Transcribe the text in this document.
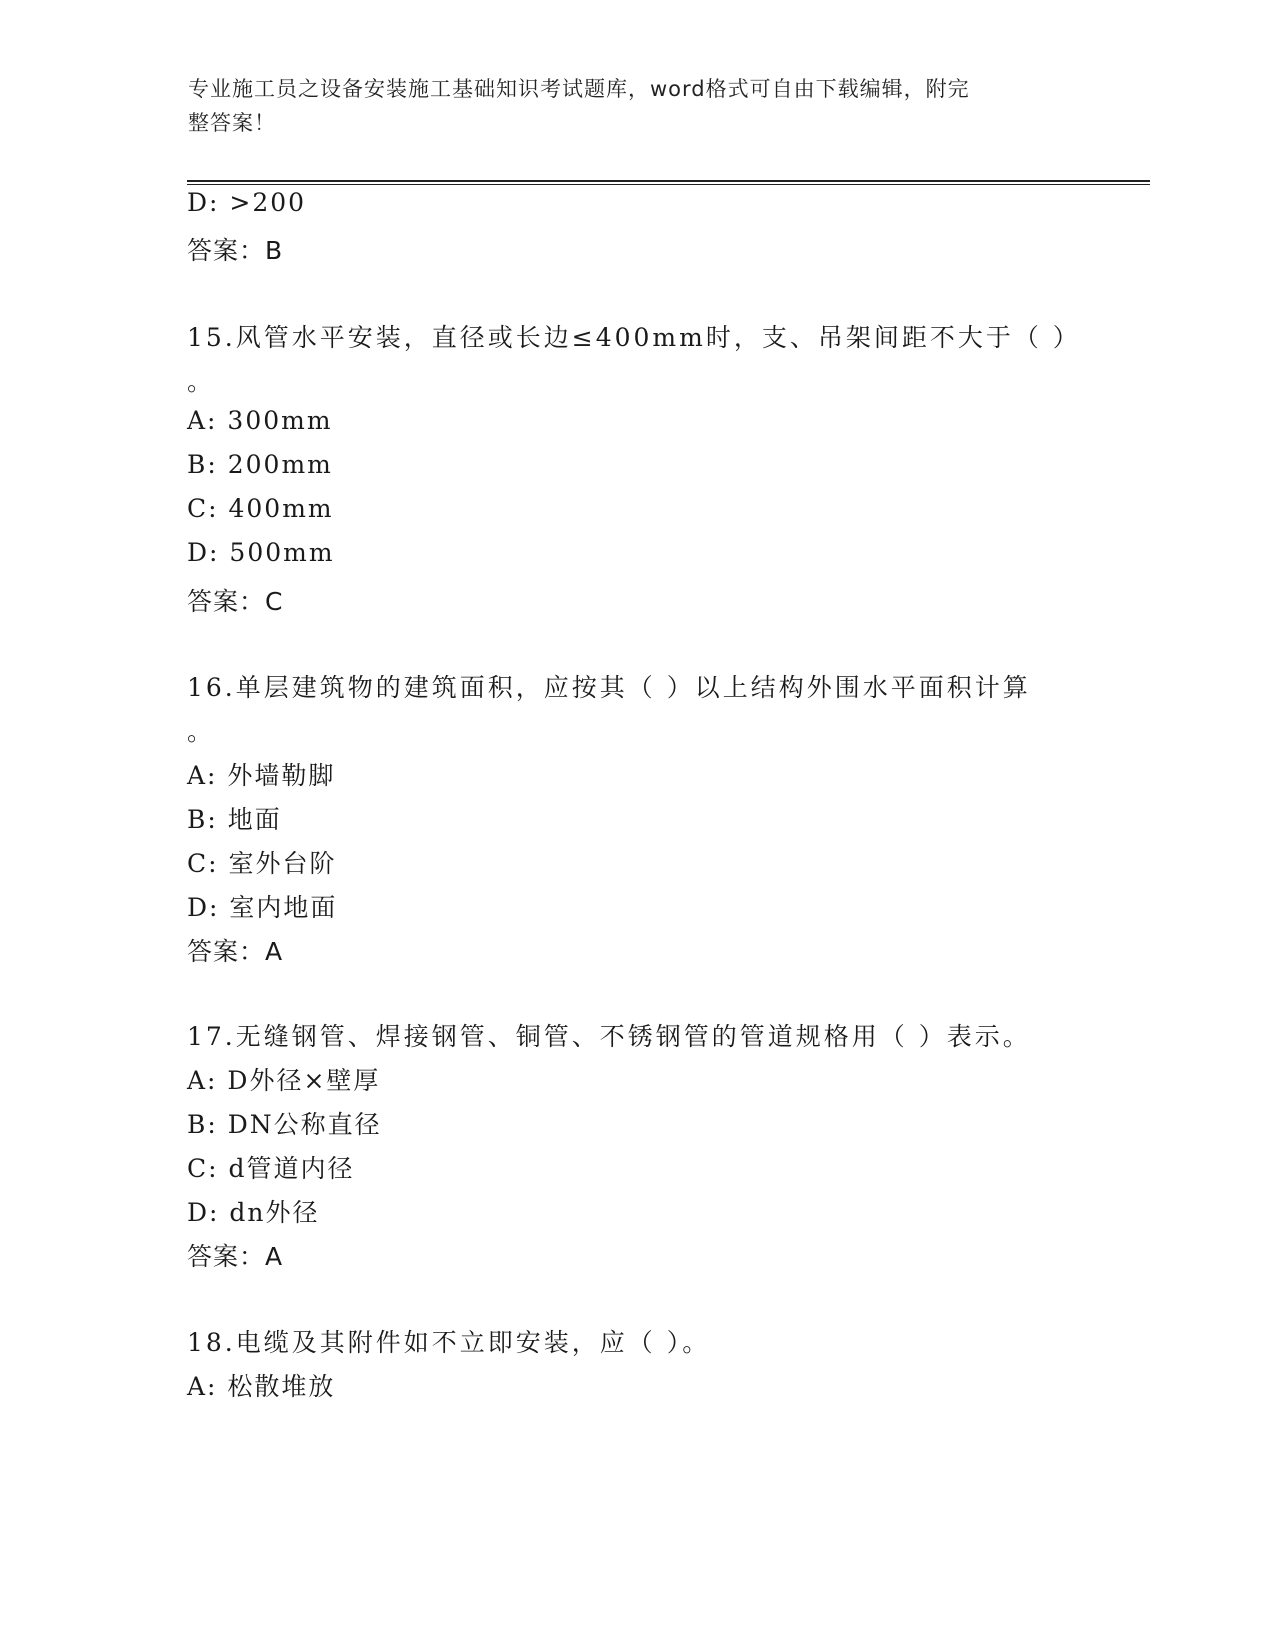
专业施工员之设备安装施工基础知识考试题库，word格式可自由下载编辑，附完
整答案！
D: >200
答案：B
15.风管水平安装，直径或长边≤400mm时，支、吊架间距不大于（ ）
。
A: 300mm
B: 200mm
C: 400mm
D: 500mm
答案：C
16.单层建筑物的建筑面积，应按其（ ）以上结构外围水平面积计算
。
A: 外墙勒脚
B: 地面
C: 室外台阶
D: 室内地面
答案：A
17.无缝钢管、焊接钢管、铜管、不锈钢管的管道规格用（ ）表示。
A: D外径×壁厚
B: DN公称直径
C: d管道内径
D: dn外径
答案：A
18.电缆及其附件如不立即安装，应（ ）。
A: 松散堆放
